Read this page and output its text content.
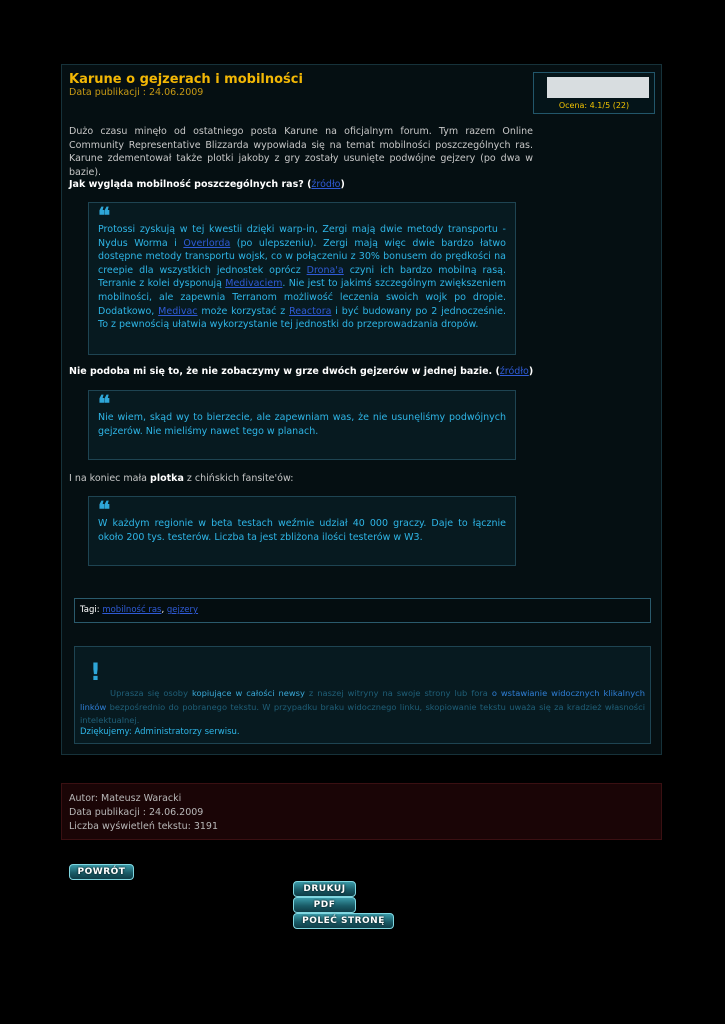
Karune o gejzerach i mobilności
Data publikacji : 24.06.2009
Ocena: 4.1/5 (22)
Dużo czasu minęło od ostatniego posta Karune na oficjalnym forum. Tym razem Online Community Representative Blizzarda wypowiada się na temat mobilności poszczególnych ras. Karune zdementował także plotki jakoby z gry zostały usunięte podwójne gejzery (po dwa w bazie).
Jak wygląda mobilność poszczególnych ras? (źródło)
❛❛
Protossi zyskują w tej kwestii dzięki warp-in, Zergi mają dwie metody transportu - Nydus Worma i Overlorda (po ulepszeniu). Zergi mają więc dwie bardzo łatwo dostępne metody transportu wojsk, co w połączeniu z 30% bonusem do prędkości na creepie dla wszystkich jednostek oprócz Drona'a czyni ich bardzo mobilną rasą. Terranie z kolei dysponują Medivaciem. Nie jest to jakimś szczególnym zwiększeniem mobilności, ale zapewnia Terranom możliwość leczenia swoich wojk po dropie. Dodatkowo, Medivac może korzystać z Reactora i być budowany po 2 jednocześnie. To z pewnością ułatwia wykorzystanie tej jednostki do przeprowadzania dropów.
Nie podoba mi się to, że nie zobaczymy w grze dwóch gejzerów w jednej bazie. (źródło)
❛❛
Nie wiem, skąd wy to bierzecie, ale zapewniam was, że nie usunęliśmy podwójnych gejzerów. Nie mieliśmy nawet tego w planach.
I na koniec mała plotka z chińskich fansite'ów:
❛❛
W każdym regionie w beta testach weźmie udział 40 000 graczy. Daje to łącznie około 200 tys. testerów. Liczba ta jest zbliżona ilości testerów w W3.
Tagi: mobilność ras, gejzery
!
Uprasza się osoby kopiujące w całości newsy z naszej witryny na swoje strony lub fora o wstawianie widocznych klikalnych linków bezpośrednio do pobranego tekstu. W przypadku braku widocznego linku, skopiowanie tekstu uważa się za kradzież własności intelektualnej.
Dziękujemy: Administratorzy serwisu.
Autor: Mateusz Waracki
Data publikacji : 24.06.2009
Liczba wyświetleń tekstu: 3191
POWRÓT
DRUKUJ
PDF
POLEĆ STRONĘ
